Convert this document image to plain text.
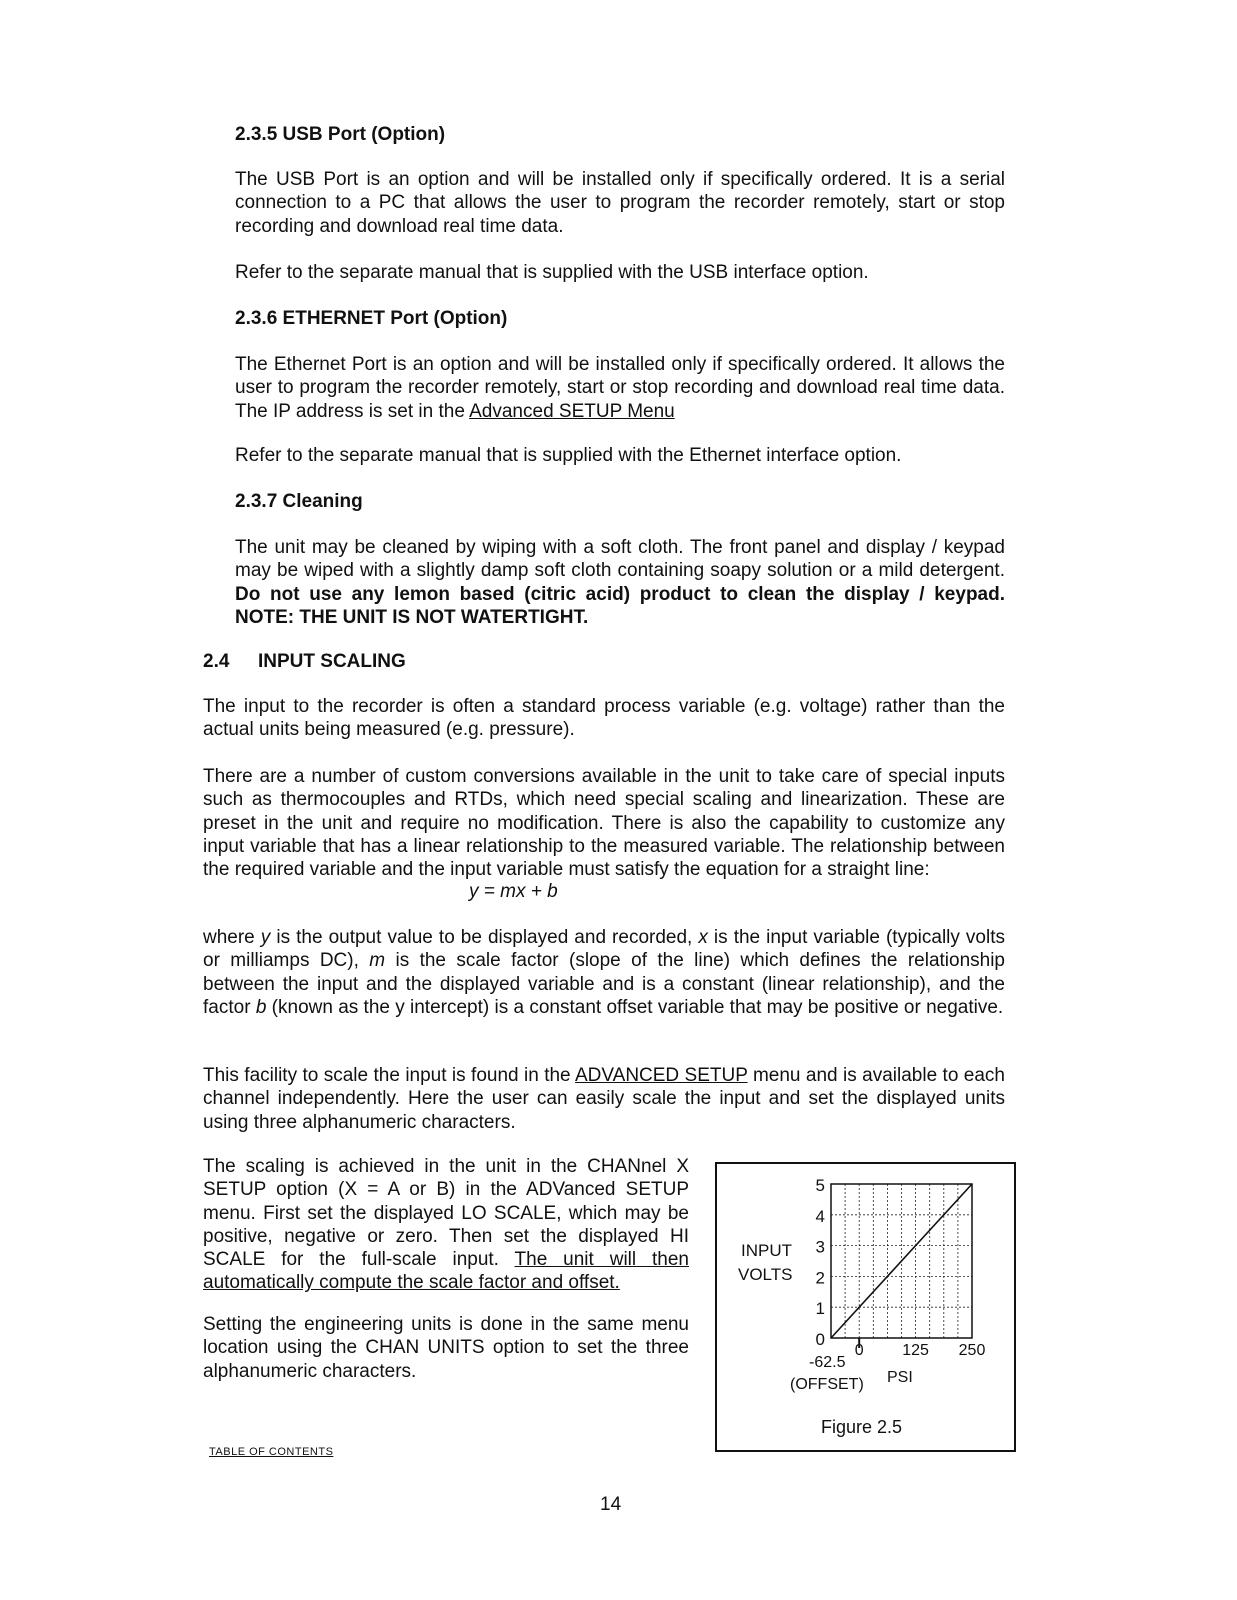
2.3.5 USB Port (Option)

The USB Port is an option and will be installed only if specifically ordered. It is a serial connection to a PC that allows the user to program the recorder remotely, start or stop recording and download real time data.

Refer to the separate manual that is supplied with the USB interface option.

2.3.6 ETHERNET Port (Option)

The Ethernet Port is an option and will be installed only if specifically ordered. It allows the user to program the recorder remotely, start or stop recording and download real time data. The IP address is set in the Advanced SETUP Menu

Refer to the separate manual that is supplied with the Ethernet interface option.

2.3.7 Cleaning

The unit may be cleaned by wiping with a soft cloth. The front panel and display / keypad may be wiped with a slightly damp soft cloth containing soapy solution or a mild detergent. Do not use any lemon based (citric acid) product to clean the display / keypad. NOTE: THE UNIT IS NOT WATERTIGHT.

2.4 INPUT SCALING

The input to the recorder is often a standard process variable (e.g. voltage) rather than the actual units being measured (e.g. pressure).

There are a number of custom conversions available in the unit to take care of special inputs such as thermocouples and RTDs, which need special scaling and linearization. These are preset in the unit and require no modification. There is also the capability to customize any input variable that has a linear relationship to the measured variable. The relationship between the required variable and the input variable must satisfy the equation for a straight line:

y = mx + b

where y is the output value to be displayed and recorded, x is the input variable (typically volts or milliamps DC), m is the scale factor (slope of the line) which defines the relationship between the input and the displayed variable and is a constant (linear relationship), and the factor b (known as the y intercept) is a constant offset variable that may be positive or negative.

This facility to scale the input is found in the ADVANCED SETUP menu and is available to each channel independently. Here the user can easily scale the input and set the displayed units using three alphanumeric characters.

The scaling is achieved in the unit in the CHANnel X SETUP option (X = A or B) in the ADVanced SETUP menu. First set the displayed LO SCALE, which may be positive, negative or zero. Then set the displayed HI SCALE for the full-scale input. The unit will then automatically compute the scale factor and offset.

Setting the engineering units is done in the same menu location using the CHAN UNITS option to set the three alphanumeric characters.

0
1
2
3
4
5
0 125 250
INPUT
VOLTS
-62.5
(OFFSET) PSI
Figure 2.5
TABLE OF CONTENTS
14
